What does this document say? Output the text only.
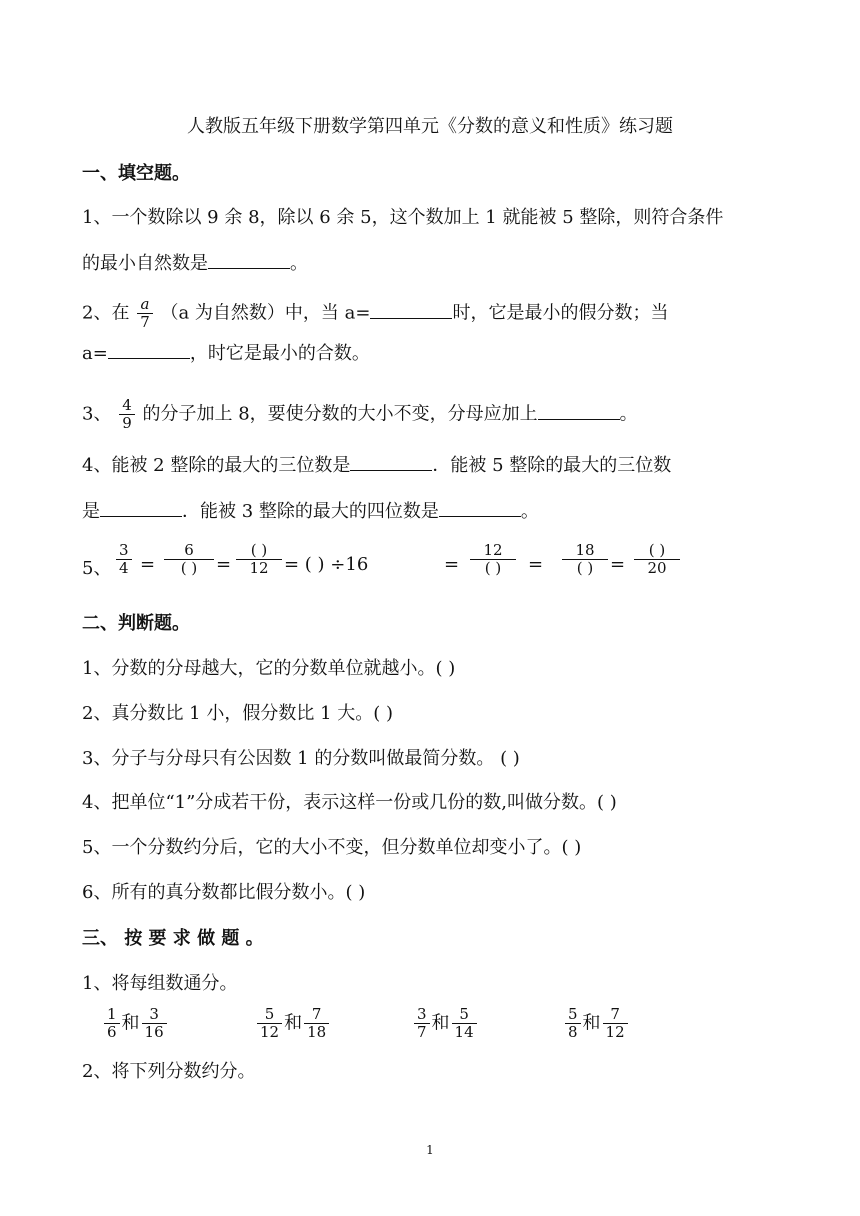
人教版五年级下册数学第四单元《分数的意义和性质》练习题
一、填空题。
1、一个数除以 9 余 8，除以 6 余 5，这个数加上 1 就能被 5 整除，则符合条件
的最小自然数是	。
2、在 $\frac{a}{7} (a$ 为自然数）中，当 a=	时，它是最小的假分数；当
a=	，时它是最小的合数。
3、 $\frac{4}{9}$ 的分子加上 8，要使分数的大小不变，分母应加上	。
4、能被 2 整除的最大的三位数是	．能被 5 整除的最大的三位数
是	．能被 3 整除的最大的四位数是	。
5、 $\frac{3}{4}$ =
6
( )	=
( )
12 = ( ) ÷16	=
12
( )	=
18
( ) =
( )
20
二、判断题。
1、分数的分母越大，它的分数单位就越小。( )
2、真分数比 1 小，假分数比 1 大。( )
3、分子与分母只有公因数 1 的分数叫做最简分数。 ( )
4、把单位“1”分成若干份，表示这样一份或几份的数,叫做分数。( )
5、一个分数约分后，它的大小不变，但分数单位却变小了。( )
6、所有的真分数都比假分数小。( )
三、 按 要 求 做 题 。
1、将每组数通分。
$\frac{1}{6}$ 和 $\frac{3}{16}$	$\frac{5}{12}$ 和 $\frac{7}{18}$	$\frac{3}{7}$ 和 $\frac{5}{14}$	$\frac{5}{8}$ 和 $\frac{7}{12}$
2、将下列分数约分。
1
